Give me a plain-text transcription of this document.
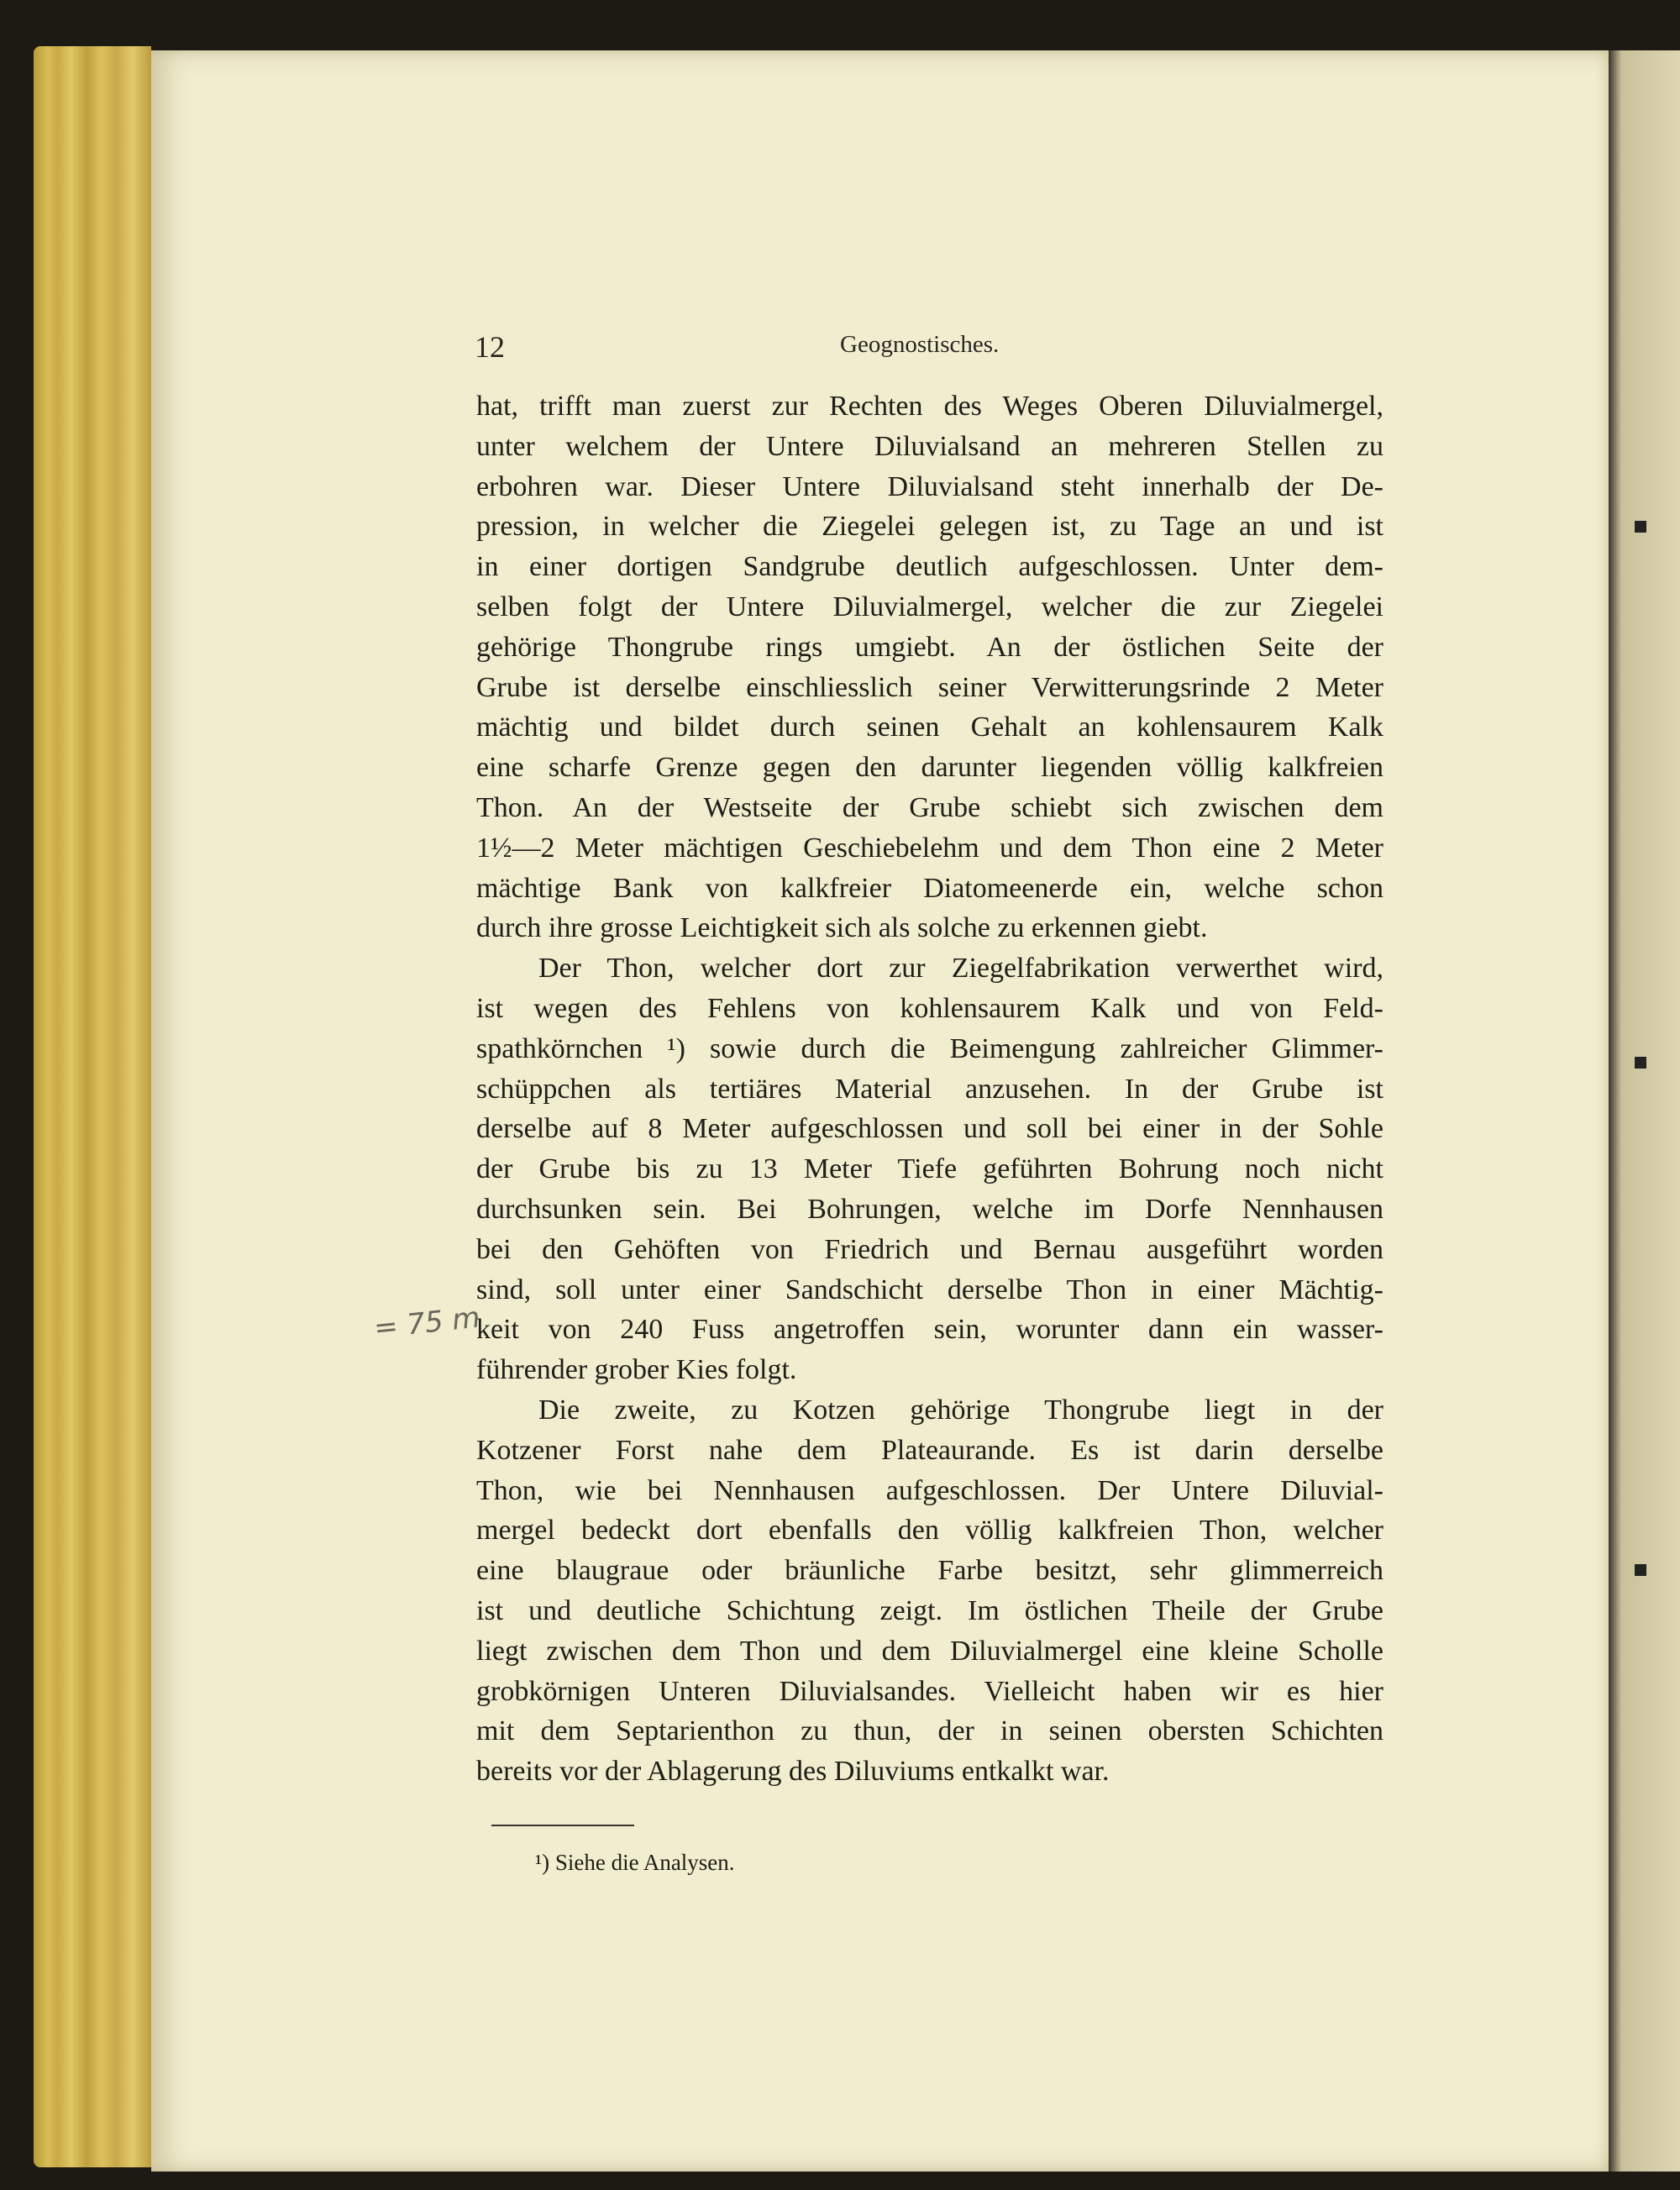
12	Geognostisches.
= 75 m
hat, trifft man zuerst zur Rechten des Weges Oberen Diluvialmergel,
unter welchem der Untere Diluvialsand an mehreren Stellen zu
erbohren war. Dieser Untere Diluvialsand steht innerhalb der De-
pression, in welcher die Ziegelei gelegen ist, zu Tage an und ist
in einer dortigen Sandgrube deutlich aufgeschlossen. Unter dem-
selben folgt der Untere Diluvialmergel, welcher die zur Ziegelei
gehörige Thongrube rings umgiebt. An der östlichen Seite der
Grube ist derselbe einschliesslich seiner Verwitterungsrinde 2 Meter
mächtig und bildet durch seinen Gehalt an kohlensaurem Kalk
eine scharfe Grenze gegen den darunter liegenden völlig kalkfreien
Thon. An der Westseite der Grube schiebt sich zwischen dem
1½—2 Meter mächtigen Geschiebelehm und dem Thon eine 2 Meter
mächtige Bank von kalkfreier Diatomeenerde ein, welche schon
durch ihre grosse Leichtigkeit sich als solche zu erkennen giebt.
Der Thon, welcher dort zur Ziegelfabrikation verwerthet wird,
ist wegen des Fehlens von kohlensaurem Kalk und von Feld-
spathkörnchen ¹) sowie durch die Beimengung zahlreicher Glimmer-
schüppchen als tertiäres Material anzusehen. In der Grube ist
derselbe auf 8 Meter aufgeschlossen und soll bei einer in der Sohle
der Grube bis zu 13 Meter Tiefe geführten Bohrung noch nicht
durchsunken sein. Bei Bohrungen, welche im Dorfe Nennhausen
bei den Gehöften von Friedrich und Bernau ausgeführt worden
sind, soll unter einer Sandschicht derselbe Thon in einer Mächtig-
keit von 240 Fuss angetroffen sein, worunter dann ein wasser-
führender grober Kies folgt.
Die zweite, zu Kotzen gehörige Thongrube liegt in der
Kotzener Forst nahe dem Plateaurande. Es ist darin derselbe
Thon, wie bei Nennhausen aufgeschlossen. Der Untere Diluvial-
mergel bedeckt dort ebenfalls den völlig kalkfreien Thon, welcher
eine blaugraue oder bräunliche Farbe besitzt, sehr glimmerreich
ist und deutliche Schichtung zeigt. Im östlichen Theile der Grube
liegt zwischen dem Thon und dem Diluvialmergel eine kleine Scholle
grobkörnigen Unteren Diluvialsandes. Vielleicht haben wir es hier
mit dem Septarienthon zu thun, der in seinen obersten Schichten
bereits vor der Ablagerung des Diluviums entkalkt war.
¹) Siehe die Analysen.
